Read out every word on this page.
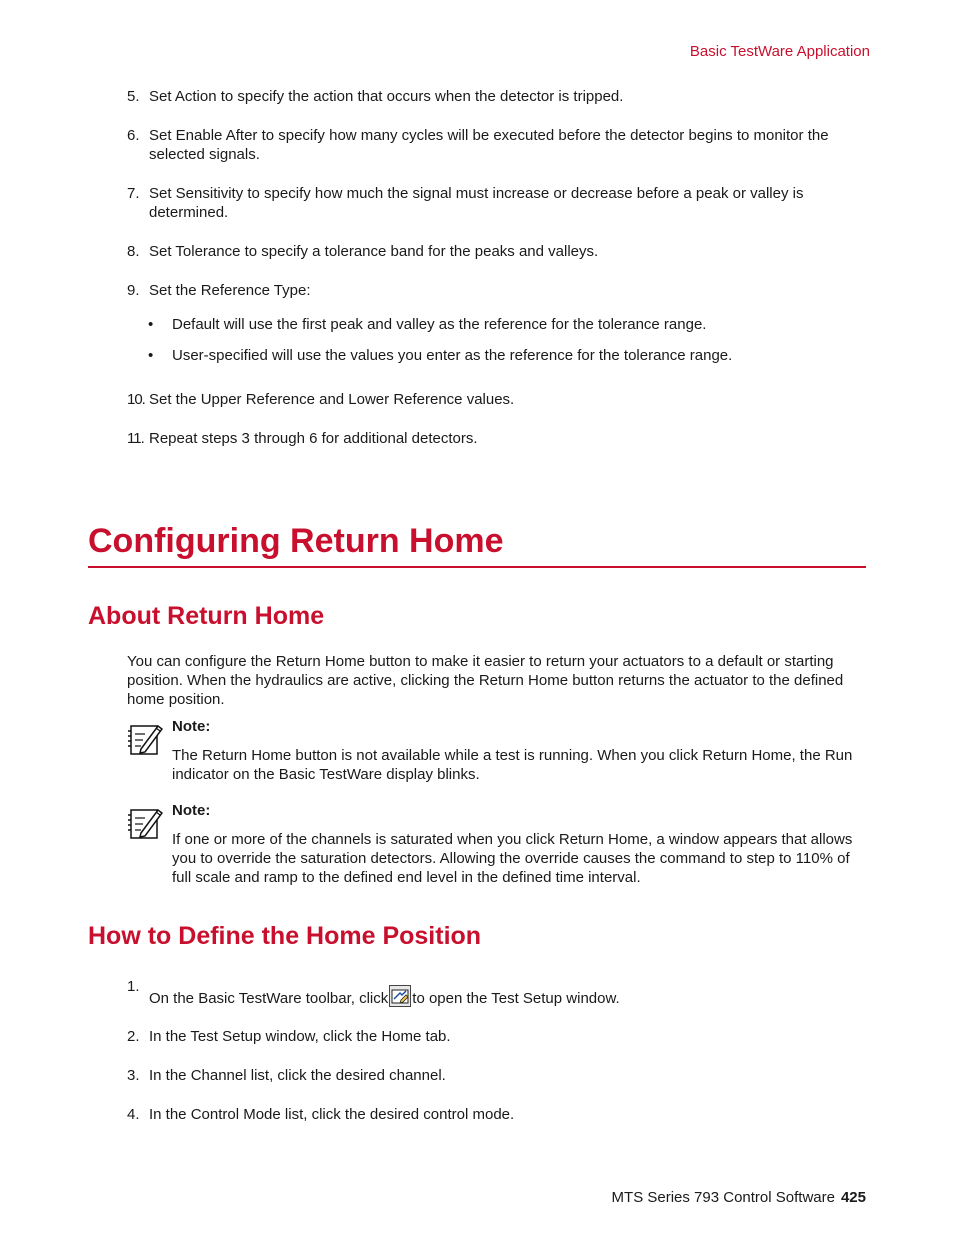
Basic TestWare Application
5. Set Action to specify the action that occurs when the detector is tripped.
6. Set Enable After to specify how many cycles will be executed before the detector begins to monitor the selected signals.
7. Set Sensitivity to specify how much the signal must increase or decrease before a peak or valley is determined.
8. Set Tolerance to specify a tolerance band for the peaks and valleys.
9. Set the Reference Type:
• Default will use the first peak and valley as the reference for the tolerance range.
• User-specified will use the values you enter as the reference for the tolerance range.
10. Set the Upper Reference and Lower Reference values.
11. Repeat steps 3 through 6 for additional detectors.
Configuring Return Home
About Return Home
You can configure the Return Home button to make it easier to return your actuators to a default or starting position. When the hydraulics are active, clicking the Return Home button returns the actuator to the defined home position.
Note:
The Return Home button is not available while a test is running. When you click Return Home, the Run indicator on the Basic TestWare display blinks.
Note:
If one or more of the channels is saturated when you click Return Home, a window appears that allows you to override the saturation detectors. Allowing the override causes the command to step to 110% of full scale and ramp to the defined end level in the defined time interval.
How to Define the Home Position
1.
On the Basic TestWare toolbar, click to open the Test Setup window.
2. In the Test Setup window, click the Home tab.
3. In the Channel list, click the desired channel.
4. In the Control Mode list, click the desired control mode.
MTS Series 793 Control Software 425
